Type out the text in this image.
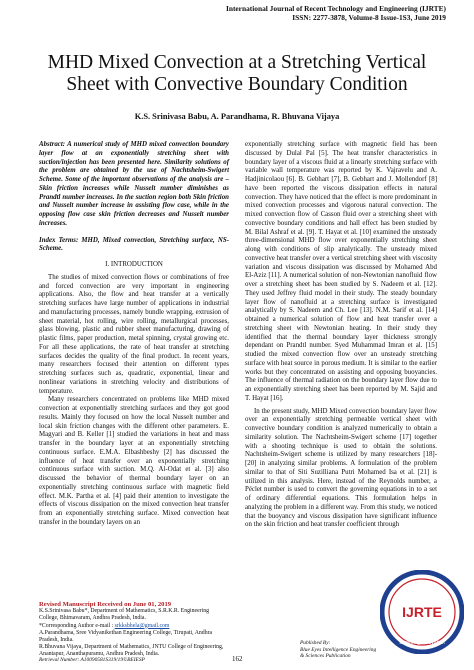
International Journal of Recent Technology and Engineering (IJRTE)
ISSN: 2277-3878, Volume-8 Issue-1S3, June 2019
MHD Mixed Convection at a Stretching Vertical
Sheet with Convective Boundary Condition
K.S. Srinivasa Babu, A. Parandhama, R. Bhuvana Vijaya

Abstract: A numerical study of MHD mixed convection boundary layer flow at an exponentially stretching sheet with suction/injection has been presented here. Similarity solutions of the problem are obtained by the use of Nachtsheim-Swigert Scheme. Some of the important observations of the analysis are – Skin friction increases while Nusselt number diminishes as Prandtl number increases. In the suction region both Skin friction and Nusselt number increase in assisting flow case, while in the opposing flow case skin friction decreases and Nusselt number increases.

Index Terms: MHD, Mixed convection, Stretching surface, NS-Scheme.

I. INTRODUCTION

The studies of mixed convection flows or combinations of free and forced convection are very important in engineering applications. Also, the flow and heat transfer at a vertically stretching surfaces have large number of applications in industrial and manufacturing processes, namely bundle wrapping, extrusion of sheet material, hot rolling, wire rolling, metallurgical processes, glass blowing, plastic and rubber sheet manufacturing, drawing of plastic films, paper production, metal spinning, crystal growing etc. For all these applications, the rate of heat transfer at stretching surfaces decides the quality of the final product. In recent years, many researchers focused their attention on different types stretching surfaces such as, quadratic, exponential, linear and nonlinear variations in stretching velocity and distributions of temperature.

Many researchers concentrated on problems like MHD mixed convection at exponentially stretching surfaces and they got good results. Mainly they focused on how the local Nusselt number and local skin friction changes with the different other parameters. E. Magyari and B. Keller [1] studied the variations in heat and mass transfer in the boundary layer at an exponentially stretching continuous surface. E.M.A. Elbashbeshy [2] has discussed the influence of heat transfer over an exponentially stretching continuous surface with suction. M.Q. Al-Odat et al. [3] also discussed the behavior of thermal boundary layer on an exponentially stretching continuous surface with magnetic field effect. M.K. Partha et al. [4] paid their attention to investigate the effects of viscous dissipation on the mixed convection heat transfer from an exponentially stretching surface. Mixed convection heat transfer in the boundary layers on an

Revised Manuscript Received on June 01, 2019
K.S.Srinivasa Babu*, Department of Mathematics, S.R.K.R. Engineering College, Bhimavaram, Andhra Pradesh, India.
*Corresponding Author e-mail : srkksbhela@gmail.com
A.Parandhama, Sree Vidyanikethan Engineering College, Tirupati, Andhra Pradesh, India.
R.Bhuvana Vijaya, Department of Mathematics, JNTU College of Engineering, Anantapur, Ananthapuramu, Andhra Pradesh, India.

exponentially stretching surface with magnetic field has been discussed by Dulal Pal [5]. The heat transfer characteristics in boundary layer of a viscous fluid at a linearly stretching surface with variable wall temperature was reported by K. Vajravelu and A. Hadjinicolaou [6]. B. Gebhart [7], B. Gebhart and J. Mollendorf [8] have been reported the viscous dissipation effects in natural convection. They have noticed that the effect is more predominant in mixed convection processes and vigorous natural convection. The mixed convection flow of Casson fluid over a stretching sheet with convective boundary conditions and hall effect has been studied by M. Bilal Ashraf et al. [9]. T. Hayat et al. [10] examined the unsteady three-dimensional MHD flow over exponentially stretching sheet along with conditions of slip analytically. The unsteady mixed convective heat transfer over a vertical stretching sheet with viscosity variation and viscous dissipation was discussed by Mohamed Abd El-Aziz [11]. A numerical solution of non-Newtonian nanofluid flow over a stretching sheet has been studied by S. Nadeem et al. [12]. They used Jeffrey fluid model in their study. The steady boundary layer flow of nanofluid at a stretching surface is investigated analytically by S. Nadeem and Ch. Lee [13]. N.M. Sarif et al. [14] obtained a numerical solution of flow and heat transfer over a stretching sheet with Newtonian heating. In their study they identified that the thermal boundary layer thickness strongly dependant on Prandtl number. Syed Muhammad Imran et al. [15] studied the mixed convection flow over an unsteady stretching surface with heat source in porous medium. It is similar to the earlier works but they concentrated on assisting and opposing buoyancies. The influence of thermal radiation on the boundary layer flow due to an exponentially stretching sheet has been reported by M. Sajid and T. Hayat [16].

In the present study, MHD Mixed convection boundary layer flow over an exponentially stretching permeable vertical sheet with convective boundary condition is analyzed numerically to obtain a similarity solution. The Nachtsheim-Swigert scheme [17] together with a shooting technique is used to obtain the solutions. Nachtsheim-Swigert scheme is utilized by many researchers [18]-[20] in analyzing similar problems. A formulation of the problem similar to that of Siti Suzilliana Putri Mohamed Isa et al. [21] is utilized in this analysis. Here, instead of the Reynolds number, a Péclet number is used to convert the governing equations in to a set of ordinary differential equations. This formulation helps in analyzing the problem in a different way. From this study, we noticed that the buoyancy and viscous dissipation have significant influence on the skin friction and heat transfer coefficient through

Exploring Innovation
IJRTE
Retrieval Number: A10090581S319/19©BEIESP	162
Published By:
Blue Eyes Intelligence Engineering
& Sciences Publication
